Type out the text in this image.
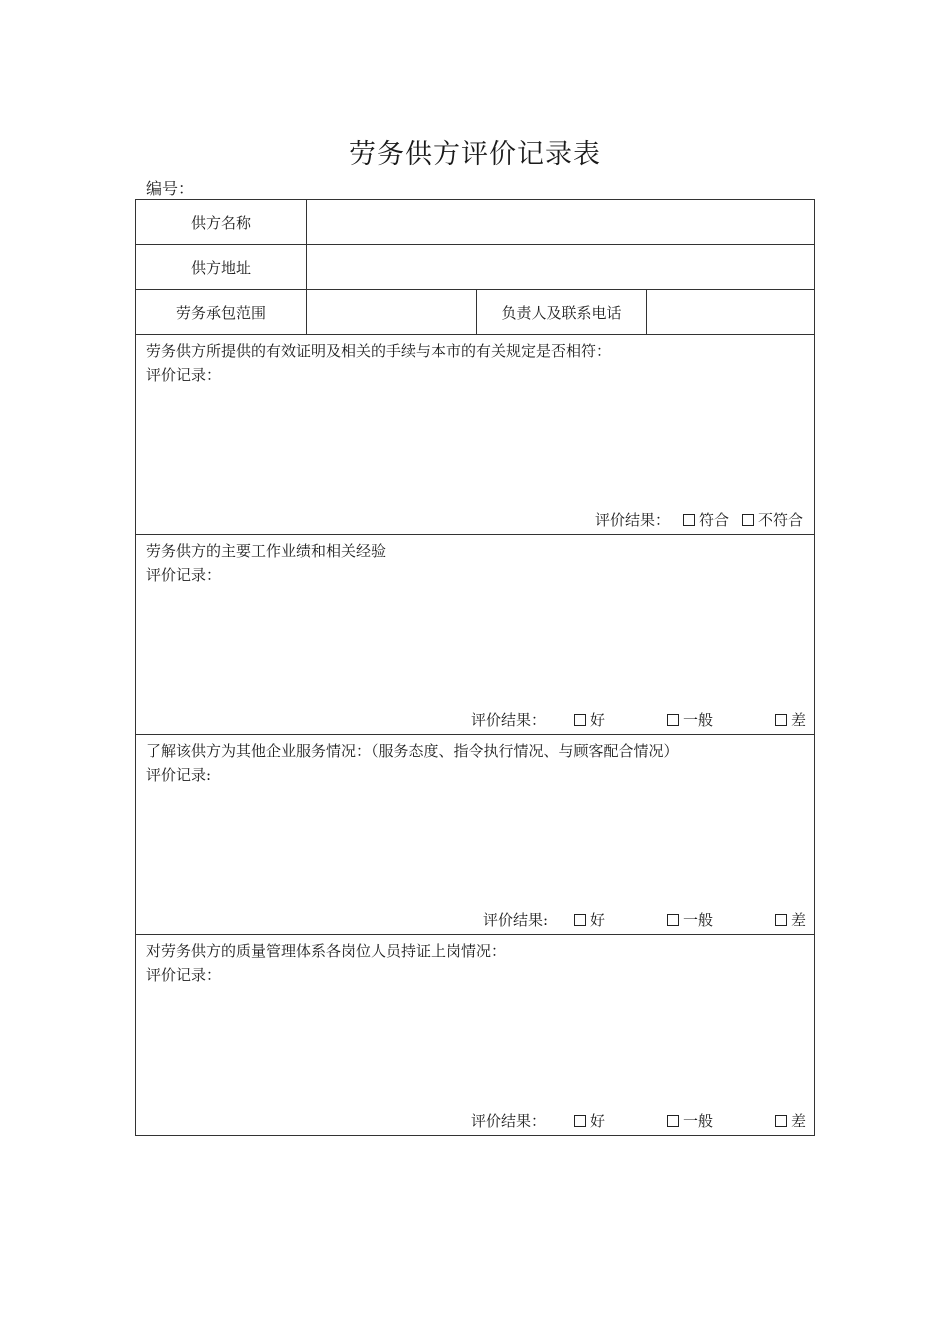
劳务供方评价记录表
编号：
供方名称
供方地址
劳务承包范围	负责人及联系电话
劳务供方所提供的有效证明及相关的手续与本市的有关规定是否相符：
评价记录：
评价结果：	符合	不符合
劳务供方的主要工作业绩和相关经验
评价记录：
评价结果：	好	一般	差
了解该供方为其他企业服务情况：（服务态度、指令执行情况、与顾客配合情况）
评价记录:
评价结果:	好	一般	差
对劳务供方的质量管理体系各岗位人员持证上岗情况：
评价记录：
评价结果：	好	一般	差
